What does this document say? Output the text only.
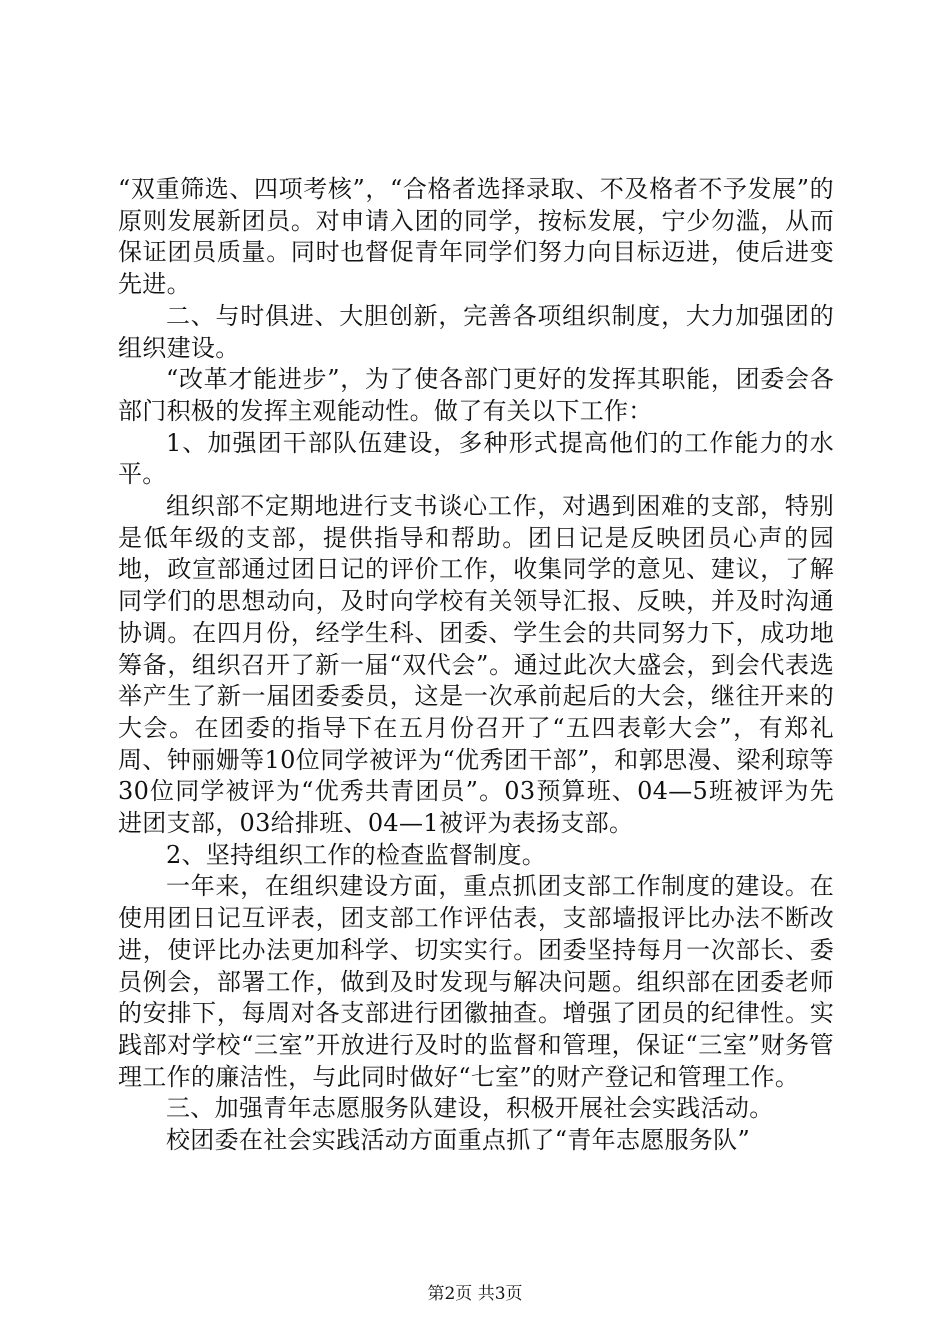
“双重筛选、四项考核”，“合格者选择录取、不及格者不予发展”的原则发展新团员。对申请入团的同学，按标发展，宁少勿滥，从而保证团员质量。同时也督促青年同学们努力向目标迈进，使后进变先进。

二、与时俱进、大胆创新，完善各项组织制度，大力加强团的组织建设。

“改革才能进步”，为了使各部门更好的发挥其职能，团委会各部门积极的发挥主观能动性。做了有关以下工作：

1、加强团干部队伍建设，多种形式提高他们的工作能力的水平。

组织部不定期地进行支书谈心工作，对遇到困难的支部，特别是低年级的支部，提供指导和帮助。团日记是反映团员心声的园地，政宣部通过团日记的评价工作，收集同学的意见、建议，了解同学们的思想动向，及时向学校有关领导汇报、反映，并及时沟通协调。在四月份，经学生科、团委、学生会的共同努力下，成功地筹备，组织召开了新一届“双代会”。通过此次大盛会，到会代表选举产生了新一届团委委员，这是一次承前起后的大会，继往开来的大会。在团委的指导下在五月份召开了“五四表彰大会”，有郑礼周、钟丽姗等10位同学被评为“优秀团干部”，和郭思漫、梁利琼等30位同学被评为“优秀共青团员”。03预算班、04—5班被评为先进团支部，03给排班、04—1被评为表扬支部。

2、坚持组织工作的检查监督制度。

一年来，在组织建设方面，重点抓团支部工作制度的建设。在使用团日记互评表，团支部工作评估表，支部墙报评比办法不断改进，使评比办法更加科学、切实实行。团委坚持每月一次部长、委员例会，部署工作，做到及时发现与解决问题。组织部在团委老师的安排下，每周对各支部进行团徽抽查。增强了团员的纪律性。实践部对学校“三室”开放进行及时的监督和管理，保证“三室”财务管理工作的廉洁性，与此同时做好“七室”的财产登记和管理工作。

三、加强青年志愿服务队建设，积极开展社会实践活动。

校团委在社会实践活动方面重点抓了“青年志愿服务队”

第2页 共3页
